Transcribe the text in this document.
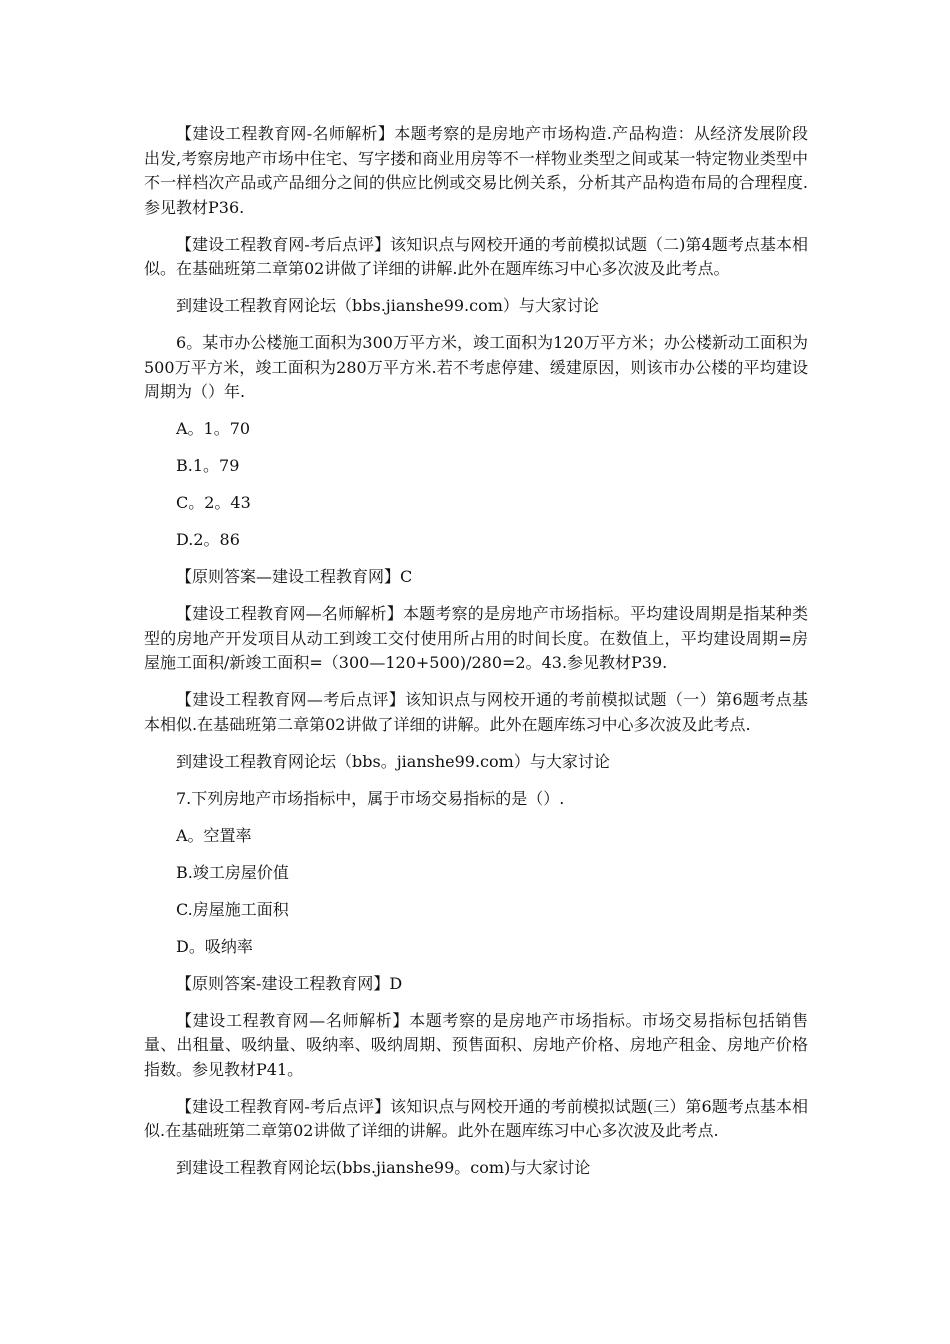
【建设工程教育网-名师解析】本题考察的是房地产市场构造.产品构造：从经济发展阶段出发,考察房地产市场中住宅、写字搂和商业用房等不一样物业类型之间或某一特定物业类型中不一样档次产品或产品细分之间的供应比例或交易比例关系，分析其产品构造布局的合理程度.参见教材P36.

【建设工程教育网-考后点评】该知识点与网校开通的考前模拟试题（二)第4题考点基本相似。在基础班第二章第02讲做了详细的讲解.此外在题库练习中心多次波及此考点。

到建设工程教育网论坛（bbs.jianshe99.com）与大家讨论

6。某市办公楼施工面积为300万平方米，竣工面积为120万平方米；办公楼新动工面积为500万平方米，竣工面积为280万平方米.若不考虑停建、缓建原因，则该市办公楼的平均建设周期为（）年.

A。1。70

B.1。79

C。2。43

D.2。86

【原则答案—建设工程教育网】C

【建设工程教育网—名师解析】本题考察的是房地产市场指标。平均建设周期是指某种类型的房地产开发项目从动工到竣工交付使用所占用的时间长度。在数值上，平均建设周期=房屋施工面积/新竣工面积=（300—120+500)/280=2。43.参见教材P39.

【建设工程教育网—考后点评】该知识点与网校开通的考前模拟试题（一）第6题考点基本相似.在基础班第二章第02讲做了详细的讲解。此外在题库练习中心多次波及此考点.

到建设工程教育网论坛（bbs。jianshe99.com）与大家讨论

7.下列房地产市场指标中，属于市场交易指标的是（）.

A。空置率

B.竣工房屋价值

C.房屋施工面积

D。吸纳率

【原则答案-建设工程教育网】D

【建设工程教育网—名师解析】本题考察的是房地产市场指标。市场交易指标包括销售量、出租量、吸纳量、吸纳率、吸纳周期、预售面积、房地产价格、房地产租金、房地产价格指数。参见教材P41。

【建设工程教育网-考后点评】该知识点与网校开通的考前模拟试题(三）第6题考点基本相似.在基础班第二章第02讲做了详细的讲解。此外在题库练习中心多次波及此考点.

到建设工程教育网论坛(bbs.jianshe99。com)与大家讨论
